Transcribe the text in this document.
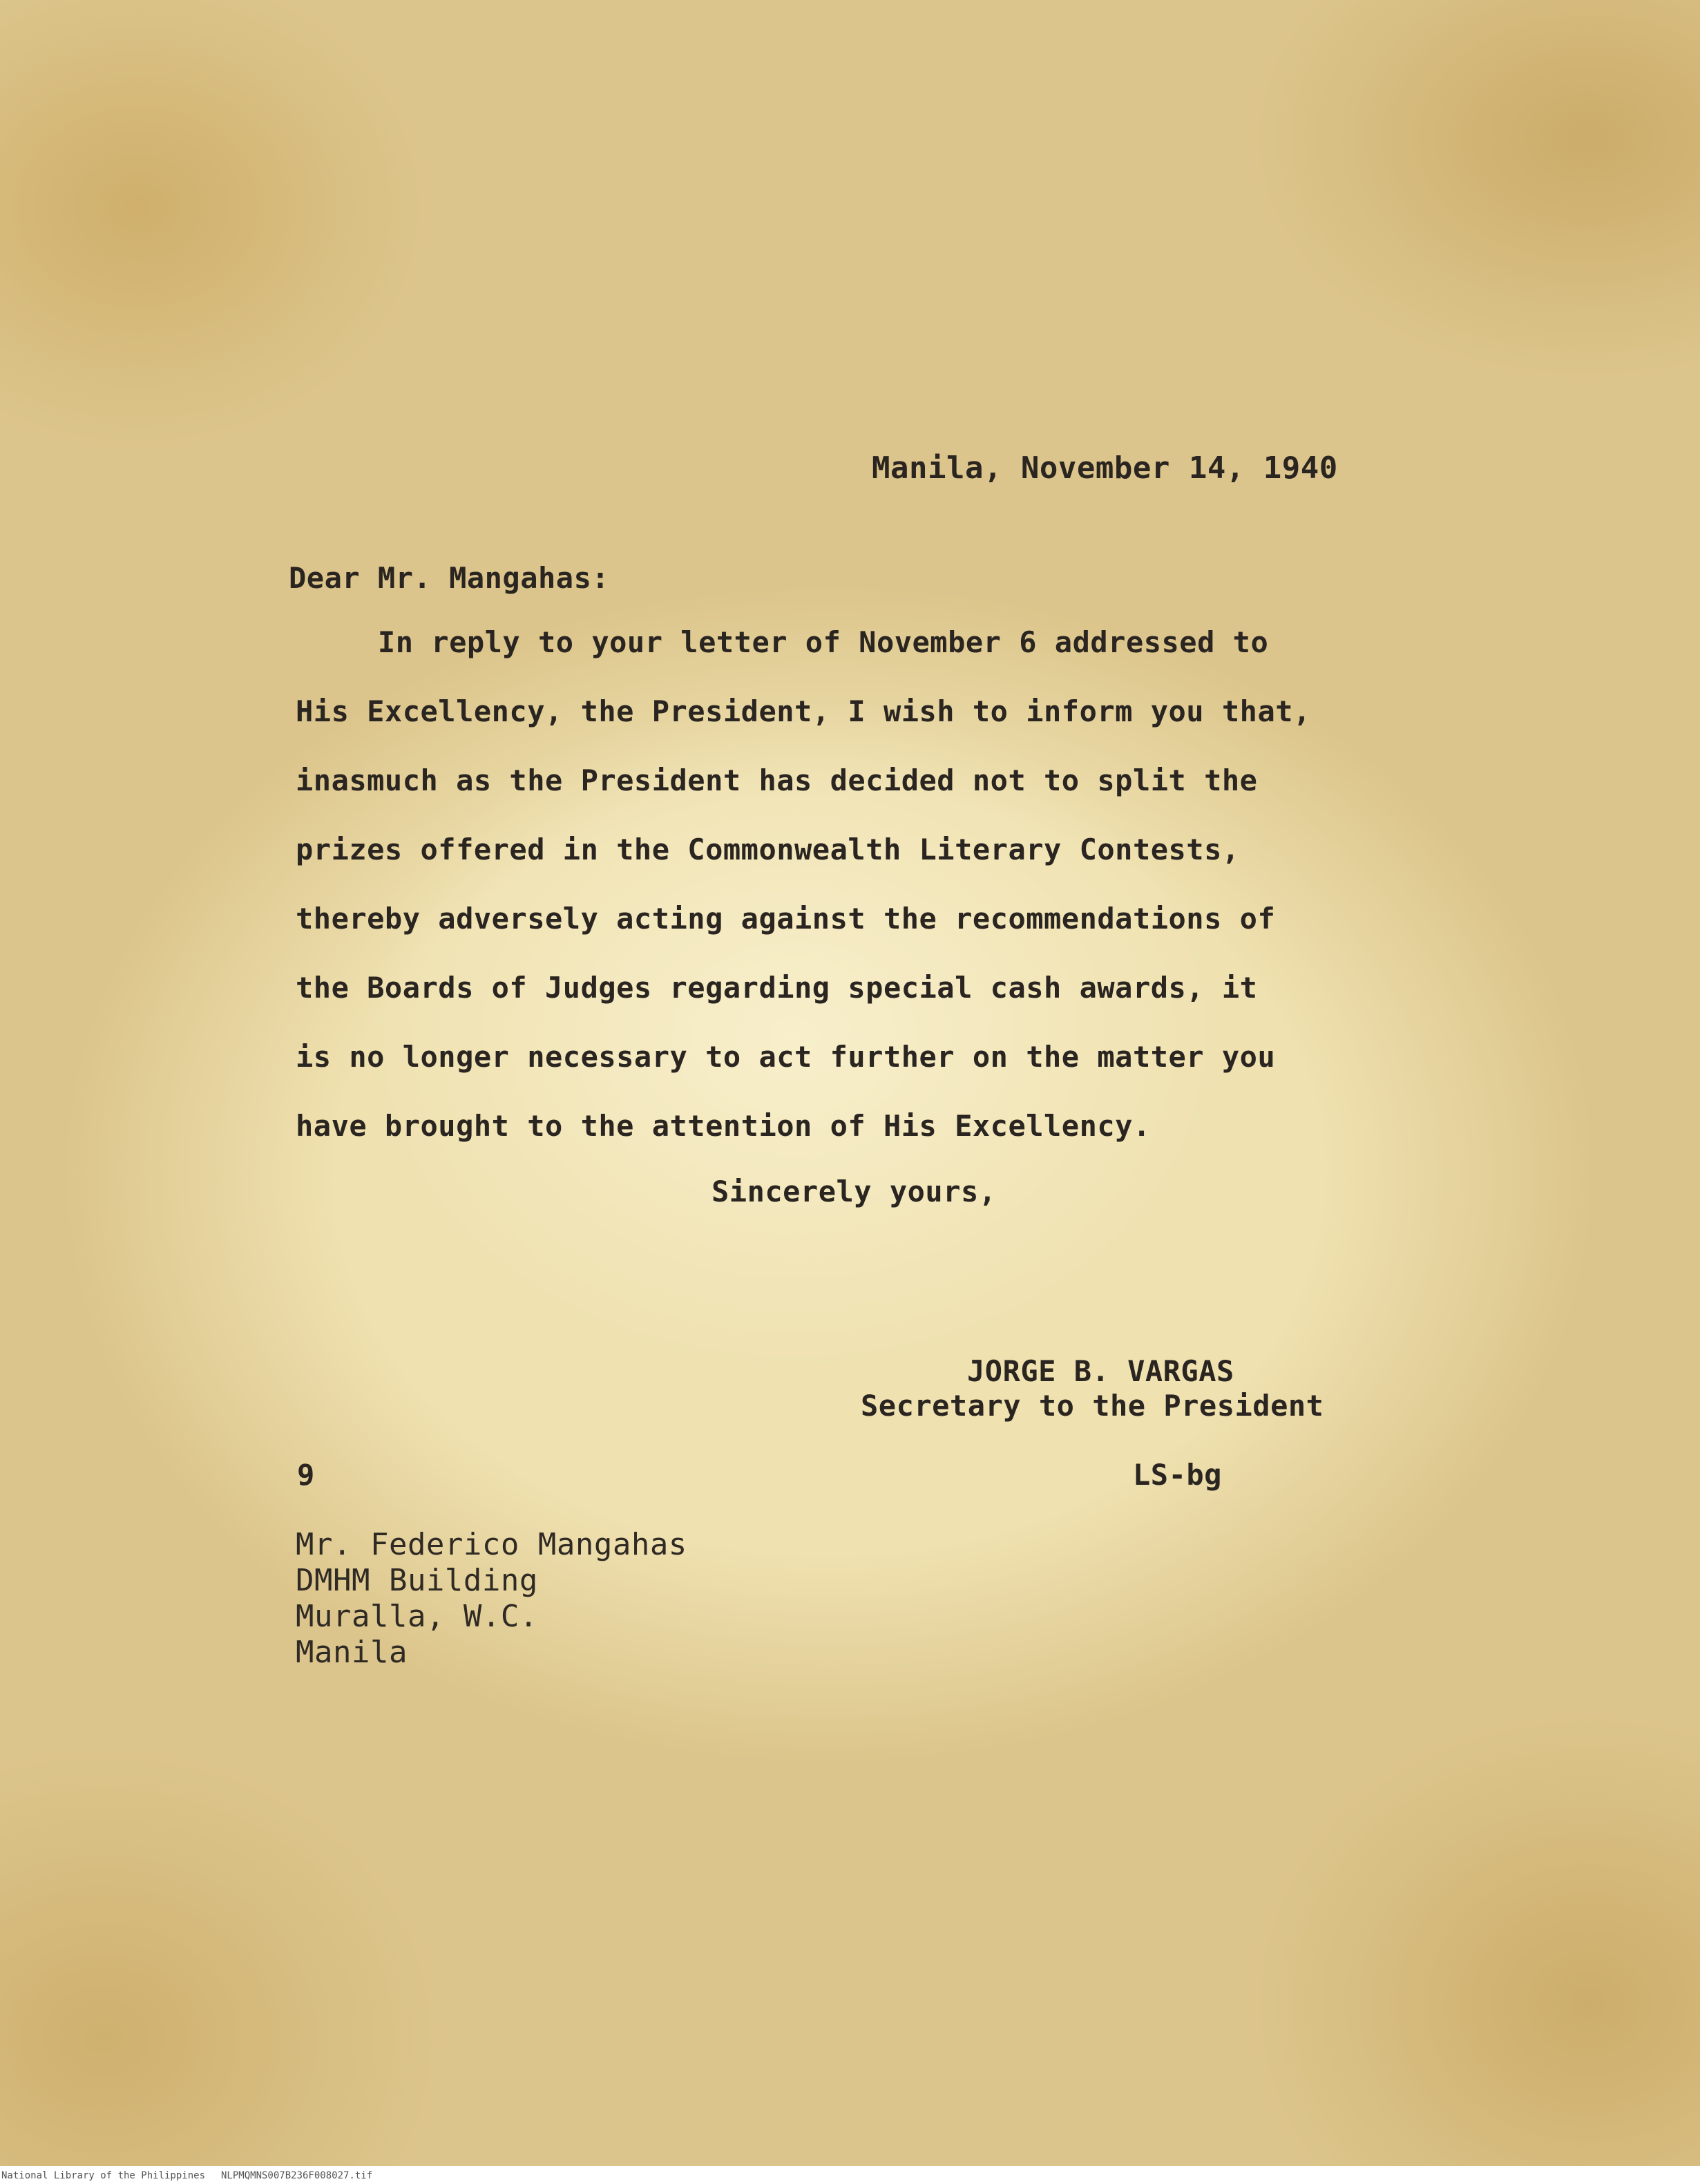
Manila, November 14, 1940
Dear Mr. Mangahas:
In reply to your letter of November 6 addressed to
His Excellency, the President, I wish to inform you that,
inasmuch as the President has decided not to split the
prizes offered in the Commonwealth Literary Contests,
thereby adversely acting against the recommendations of
the Boards of Judges regarding special cash awards, it
is no longer necessary to act further on the matter you
have brought to the attention of His Excellency.
Sincerely yours,
JORGE B. VARGAS
Secretary to the President
9	LS-bg
Mr. Federico Mangahas
DMHM Building
Muralla, W.C.
Manila
National Library of the Philippines NLPMQMNS007B236F008027.tif
